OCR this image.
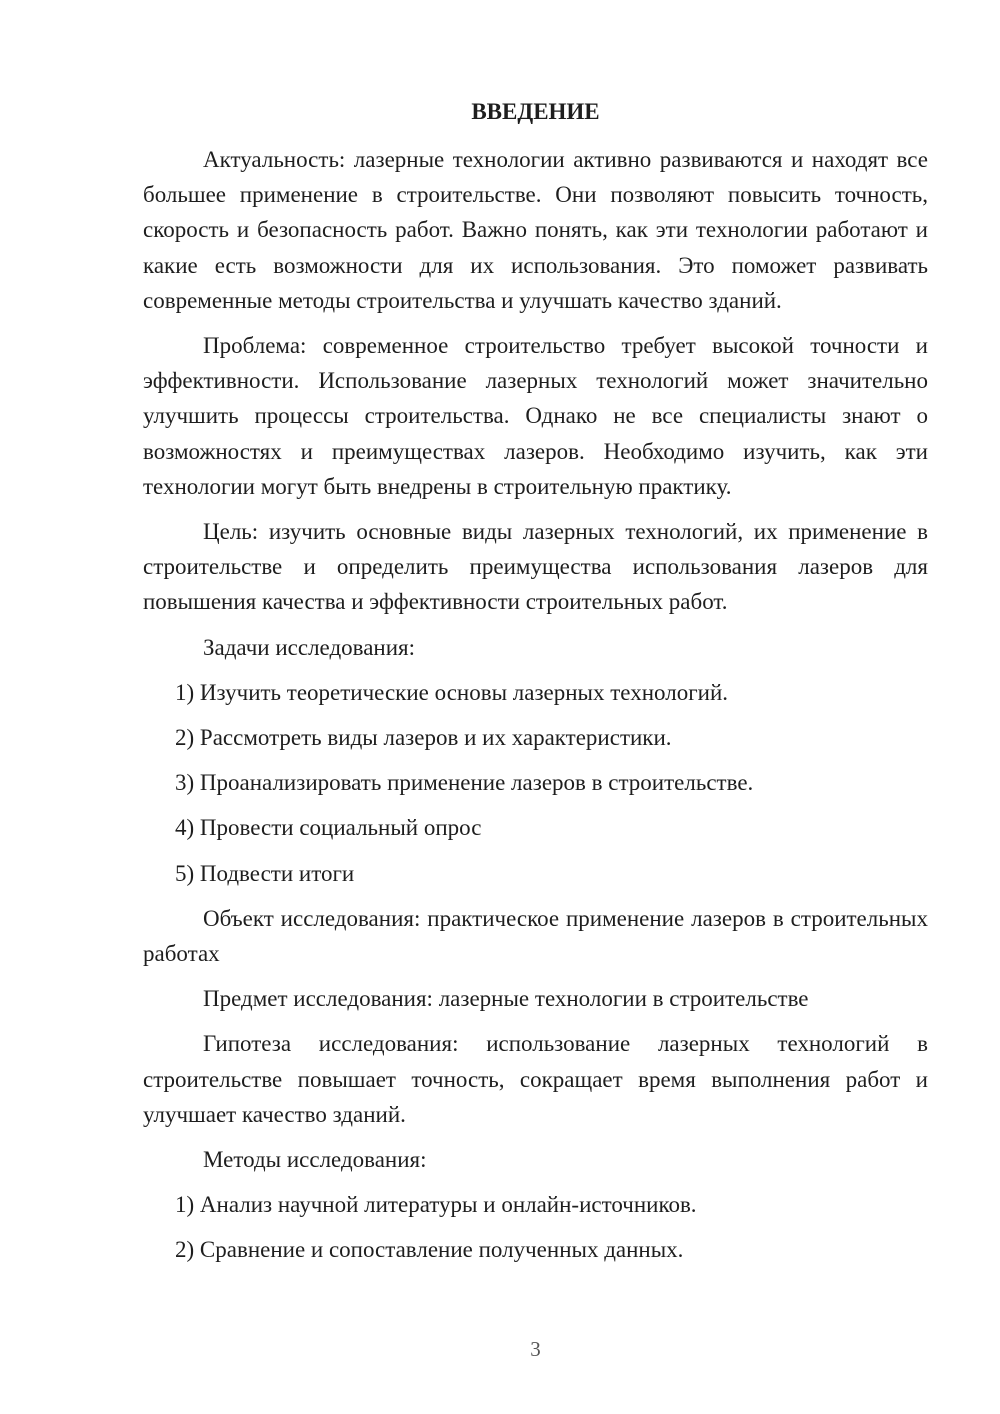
ВВЕДЕНИЕ

Актуальность: лазерные технологии активно развиваются и находят все большее применение в строительстве. Они позволяют повысить точность, скорость и безопасность работ. Важно понять, как эти технологии работают и какие есть возможности для их использования. Это поможет развивать современные методы строительства и улучшать качество зданий.

Проблема: современное строительство требует высокой точности и эффективности. Использование лазерных технологий может значительно улучшить процессы строительства. Однако не все специалисты знают о возможностях и преимуществах лазеров. Необходимо изучить, как эти технологии могут быть внедрены в строительную практику.

Цель: изучить основные виды лазерных технологий, их применение в строительстве и определить преимущества использования лазеров для повышения качества и эффективности строительных работ.

Задачи исследования:

1) Изучить теоретические основы лазерных технологий.

2) Рассмотреть виды лазеров и их характеристики.

3) Проанализировать применение лазеров в строительстве.

4) Провести социальный опрос

5) Подвести итоги

Объект исследования: практическое применение лазеров в строительных работах

Предмет исследования: лазерные технологии в строительстве

Гипотеза исследования: использование лазерных технологий в строительстве повышает точность, сокращает время выполнения работ и улучшает качество зданий.

Методы исследования:

1) Анализ научной литературы и онлайн-источников.

2) Сравнение и сопоставление полученных данных.

3
